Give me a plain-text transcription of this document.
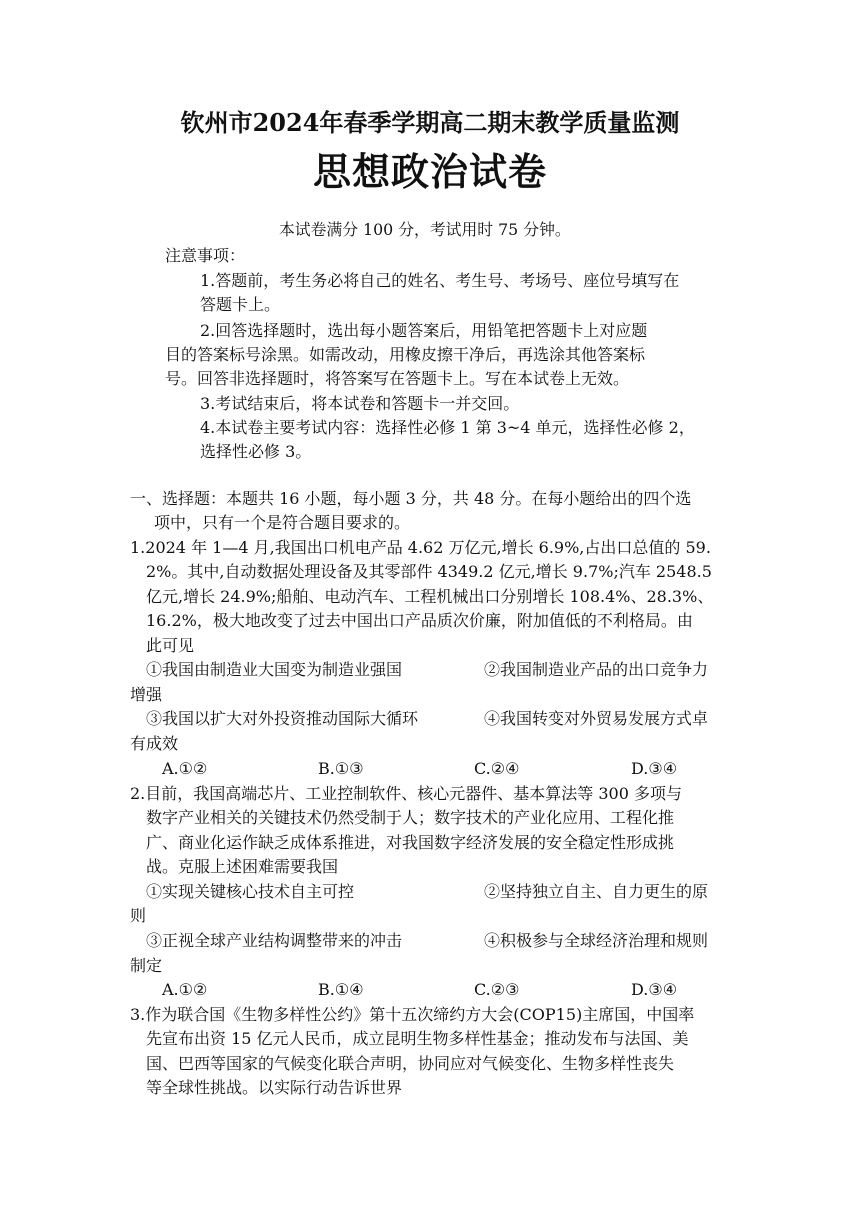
钦州市2024年春季学期高二期末教学质量监测
思想政治试卷
本试卷满分 100 分，考试用时 75 分钟。
注意事项：
1.答题前，考生务必将自己的姓名、考生号、考场号、座位号填写在
答题卡上。
2.回答选择题时，选出每小题答案后，用铅笔把答题卡上对应题
目的答案标号涂黑。如需改动，用橡皮擦干净后，再选涂其他答案标
号。回答非选择题时，将答案写在答题卡上。写在本试卷上无效。
3.考试结束后，将本试卷和答题卡一并交回。
4.本试卷主要考试内容：选择性必修 1 第 3~4 单元，选择性必修 2，
选择性必修 3。
一、选择题：本题共 16 小题，每小题 3 分，共 48 分。在每小题给出的四个选
项中，只有一个是符合题目要求的。
1.2024 年 1—4 月,我国出口机电产品 4.62 万亿元,增长 6.9%,占出口总值的 59.
2%。其中,自动数据处理设备及其零部件 4349.2 亿元,增长 9.7%;汽车 2548.5
亿元,增长 24.9%;船舶、电动汽车、工程机械出口分别增长 108.4%、28.3%、
16.2%，极大地改变了过去中国出口产品质次价廉，附加值低的不利格局。由
此可见
①我国由制造业大国变为制造业强国	②我国制造业产品的出口竞争力
增强
③我国以扩大对外投资推动国际大循环	④我国转变对外贸易发展方式卓
有成效
A.①②	B.①③	C.②④	D.③④
2.目前，我国高端芯片、工业控制软件、核心元器件、基本算法等 300 多项与
数字产业相关的关键技术仍然受制于人；数字技术的产业化应用、工程化推
广、商业化运作缺乏成体系推进，对我国数字经济发展的安全稳定性形成挑
战。克服上述困难需要我国
①实现关键核心技术自主可控	②坚持独立自主、自力更生的原
则
③正视全球产业结构调整带来的冲击	④积极参与全球经济治理和规则
制定
A.①②	B.①④	C.②③	D.③④
3.作为联合国《生物多样性公约》第十五次缔约方大会(COP15)主席国，中国率
先宣布出资 15 亿元人民币，成立昆明生物多样性基金；推动发布与法国、美
国、巴西等国家的气候变化联合声明，协同应对气候变化、生物多样性丧失
等全球性挑战。以实际行动告诉世界
